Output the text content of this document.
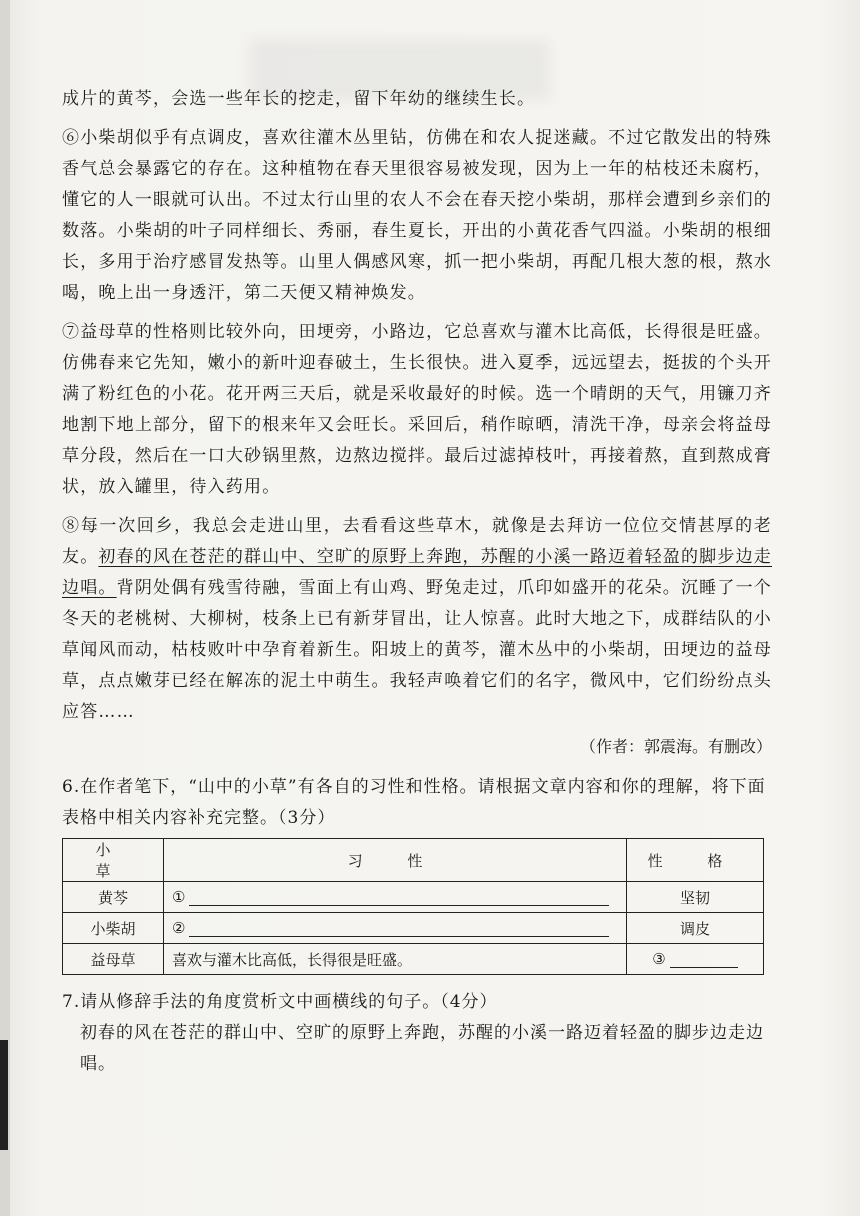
成片的黄芩，会选一些年长的挖走，留下年幼的继续生长。

⑥小柴胡似乎有点调皮，喜欢往灌木丛里钻，仿佛在和农人捉迷藏。不过它散发出的特殊香气总会暴露它的存在。这种植物在春天里很容易被发现，因为上一年的枯枝还未腐朽，懂它的人一眼就可认出。不过太行山里的农人不会在春天挖小柴胡，那样会遭到乡亲们的数落。小柴胡的叶子同样细长、秀丽，春生夏长，开出的小黄花香气四溢。小柴胡的根细长，多用于治疗感冒发热等。山里人偶感风寒，抓一把小柴胡，再配几根大葱的根，熬水喝，晚上出一身透汗，第二天便又精神焕发。

⑦益母草的性格则比较外向，田埂旁，小路边，它总喜欢与灌木比高低，长得很是旺盛。仿佛春来它先知，嫩小的新叶迎春破土，生长很快。进入夏季，远远望去，挺拔的个头开满了粉红色的小花。花开两三天后，就是采收最好的时候。选一个晴朗的天气，用镰刀齐地割下地上部分，留下的根来年又会旺长。采回后，稍作晾晒，清洗干净，母亲会将益母草分段，然后在一口大砂锅里熬，边熬边搅拌。最后过滤掉枝叶，再接着熬，直到熬成膏状，放入罐里，待入药用。

⑧每一次回乡，我总会走进山里，去看看这些草木，就像是去拜访一位位交情甚厚的老友。初春的风在苍茫的群山中、空旷的原野上奔跑，苏醒的小溪一路迈着轻盈的脚步边走边唱。背阴处偶有残雪待融，雪面上有山鸡、野兔走过，爪印如盛开的花朵。沉睡了一个冬天的老桃树、大柳树，枝条上已有新芽冒出，让人惊喜。此时大地之下，成群结队的小草闻风而动，枯枝败叶中孕育着新生。阳坡上的黄芩，灌木丛中的小柴胡，田埂边的益母草，点点嫩芽已经在解冻的泥土中萌生。我轻声唤着它们的名字，微风中，它们纷纷点头应答……

（作者：郭震海。有删改）

6.在作者笔下，“山中的小草”有各自的习性和性格。请根据文章内容和你的理解，将下面表格中相关内容补充完整。（3分）

小 草	习 性	性 格
黄芩	①	坚韧
小柴胡	②	调皮
益母草	喜欢与灌木比高低，长得很是旺盛。	③

7.请从修辞手法的角度赏析文中画横线的句子。（4分）

初春的风在苍茫的群山中、空旷的原野上奔跑，苏醒的小溪一路迈着轻盈的脚步边走边唱。
